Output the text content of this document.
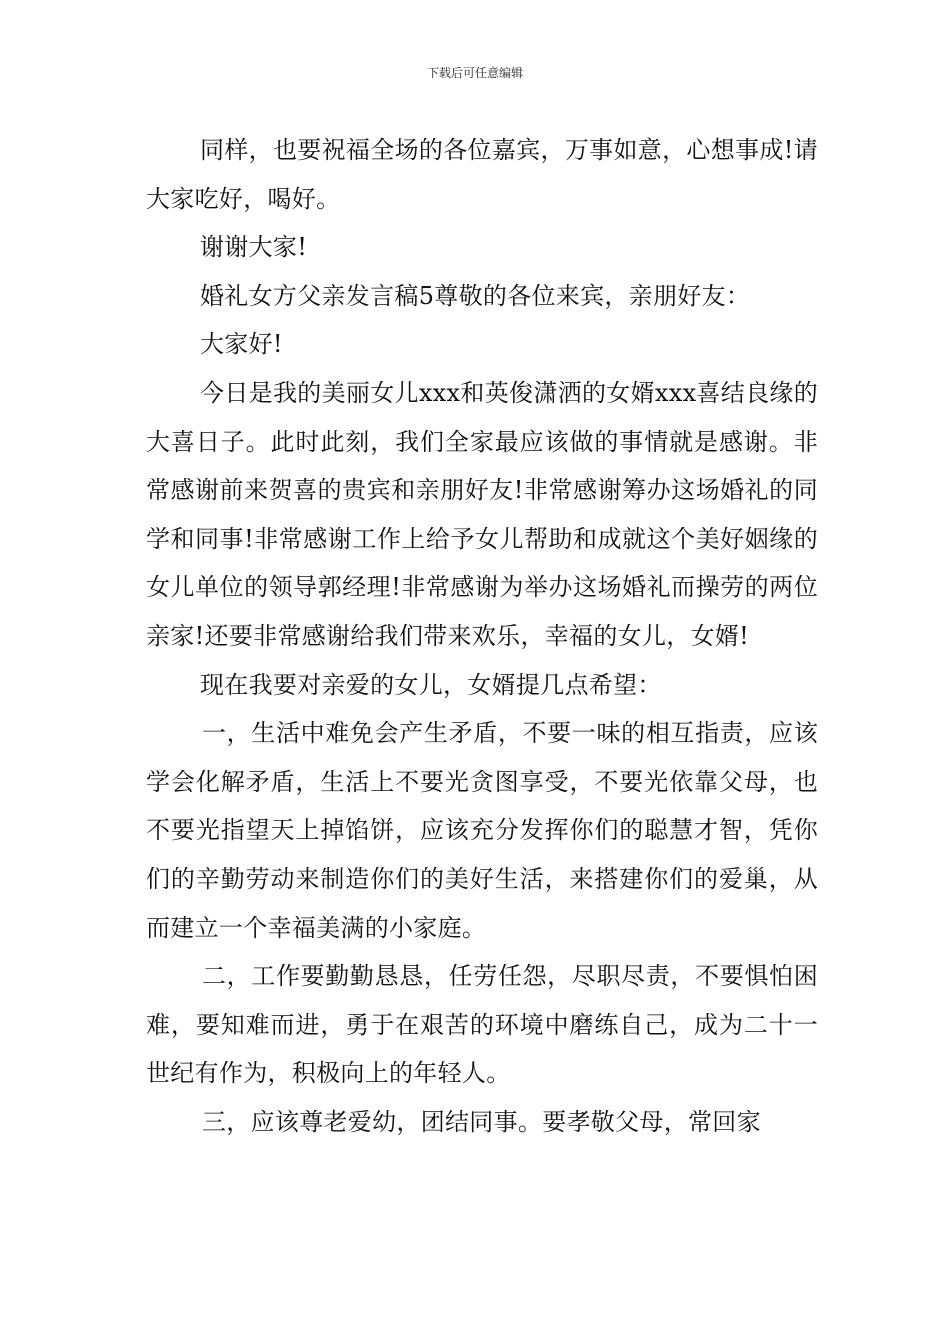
下载后可任意编辑

同样，也要祝福全场的各位嘉宾，万事如意，心想事成!请大家吃好，喝好。

谢谢大家!

婚礼女方父亲发言稿5尊敬的各位来宾，亲朋好友：

大家好!

今日是我的美丽女儿xxx和英俊潇洒的女婿xxx喜结良缘的大喜日子。此时此刻，我们全家最应该做的事情就是感谢。非常感谢前来贺喜的贵宾和亲朋好友!非常感谢筹办这场婚礼的同学和同事!非常感谢工作上给予女儿帮助和成就这个美好姻缘的女儿单位的领导郭经理!非常感谢为举办这场婚礼而操劳的两位亲家!还要非常感谢给我们带来欢乐，幸福的女儿，女婿!

现在我要对亲爱的女儿，女婿提几点希望：

一，生活中难免会产生矛盾，不要一味的相互指责，应该学会化解矛盾，生活上不要光贪图享受，不要光依靠父母，也不要光指望天上掉馅饼，应该充分发挥你们的聪慧才智，凭你们的辛勤劳动来制造你们的美好生活，来搭建你们的爱巢，从而建立一个幸福美满的小家庭。

二，工作要勤勤恳恳，任劳任怨，尽职尽责，不要惧怕困难，要知难而进，勇于在艰苦的环境中磨练自己，成为二十一世纪有作为，积极向上的年轻人。

三，应该尊老爱幼，团结同事。要孝敬父母，常回家
